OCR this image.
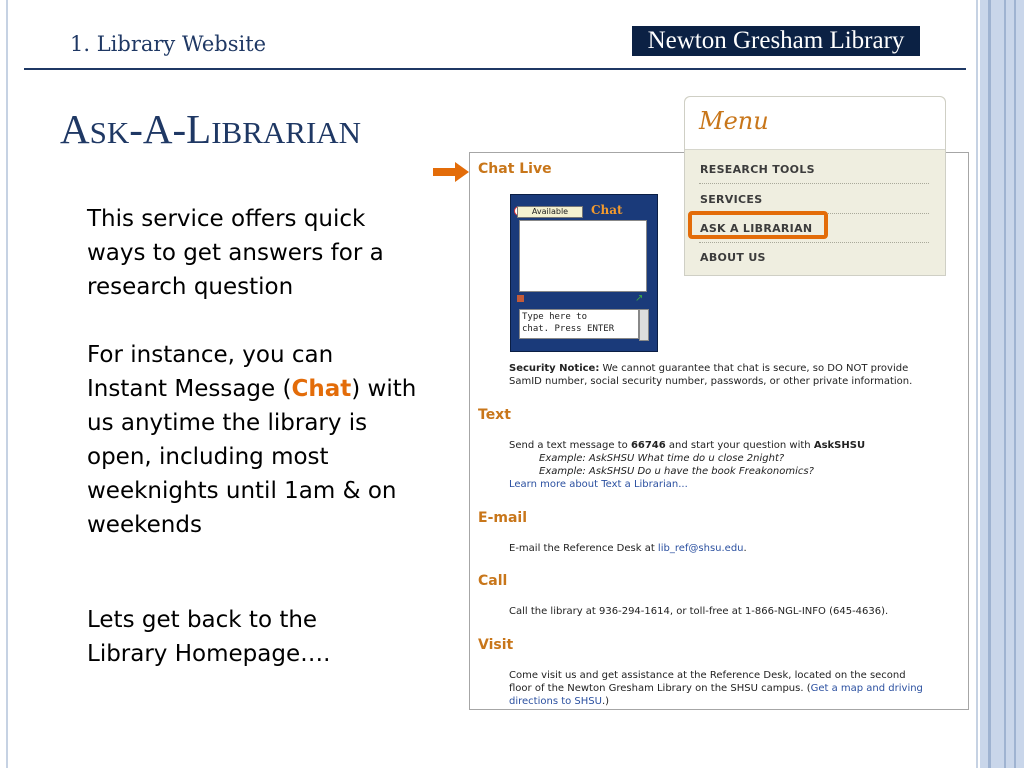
1. Library Website	Newton Gresham Library
ASK-A-LIBRARIAN
This service offers quick
ways to get answers for a
research question
For instance, you can
Instant Message (Chat) with
us anytime the library is
open, including most
weeknights until 1am & on
weekends
Lets get back to the
Library Homepage….
Chat Live
Available	Chat
↗
Type here to
chat. Press ENTER
Security Notice: We cannot guarantee that chat is secure, so DO NOT provide
SamID number, social security number, passwords, or other private information.
Text
Send a text message to 66746 and start your question with AskSHSU
Example: AskSHSU What time do u close 2night?
Example: AskSHSU Do u have the book Freakonomics?
Learn more about Text a Librarian...
E-mail
E-mail the Reference Desk at lib_ref@shsu.edu.
Call
Call the library at 936-294-1614, or toll-free at 1-866-NGL-INFO (645-4636).
Visit
Come visit us and get assistance at the Reference Desk, located on the second
floor of the Newton Gresham Library on the SHSU campus. (Get a map and driving
directions to SHSU.)
Menu
RESEARCH TOOLS
SERVICES
ASK A LIBRARIAN
ABOUT US
